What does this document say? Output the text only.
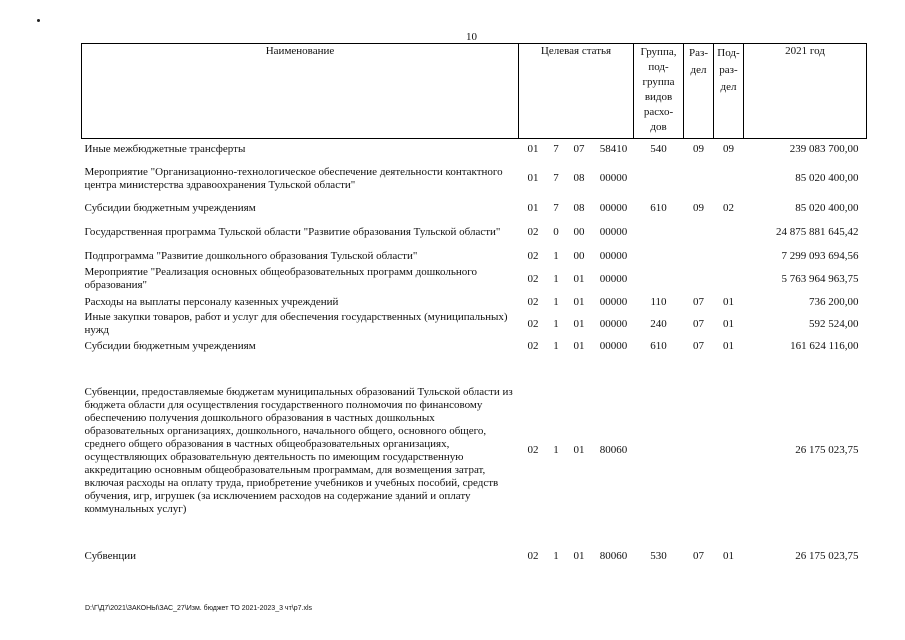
10
Наименование	Целевая статья				Группа, под-группа видов расхо-дов	Раз-дел	Под-раз-дел	2021 год
Иные межбюджетные трансферты	01	7	07	58410	540	09	09	239 083 700,00
Мероприятие "Организационно-технологическое обеспечение деятельности контактного центра министерства здравоохранения Тульской области"	01	7	08	00000				85 020 400,00
Субсидии бюджетным учреждениям	01	7	08	00000	610	09	02	85 020 400,00
Государственная программа Тульской области "Развитие образования Тульской области"	02	0	00	00000				24 875 881 645,42
Подпрограмма "Развитие дошкольного образования Тульской области"	02	1	00	00000				7 299 093 694,56
Мероприятие "Реализация основных общеобразовательных программ дошкольного образования"	02	1	01	00000				5 763 964 963,75
Расходы на выплаты персоналу казенных учреждений	02	1	01	00000	110	07	01	736 200,00
Иные закупки товаров, работ и услуг для обеспечения государственных (муниципальных) нужд	02	1	01	00000	240	07	01	592 524,00
Субсидии бюджетным учреждениям	02	1	01	00000	610	07	01	161 624 116,00
Субвенции, предоставляемые бюджетам муниципальных образований Тульской области из бюджета области для осуществления государственного полномочия по финансовому обеспечению получения дошкольного образования в частных дошкольных образовательных организациях, дошкольного, начального общего, основного общего, среднего общего образования в частных общеобразовательных организациях, осуществляющих образовательную деятельность по имеющим государственную аккредитацию основным общеобразовательным программам, для возмещения затрат, включая расходы на оплату труда, приобретение учебников и учебных пособий, средств обучения, игр, игрушек (за исключением расходов на содержание зданий и оплату коммунальных услуг)	02	1	01	80060				26 175 023,75
Субвенции	02	1	01	80060	530	07	01	26 175 023,75
D:\Г\Д7\2021\ЗАКОНЫ\ЗАС_27\Изм. бюджет ТО 2021-2023_3 чт\р7.xls
